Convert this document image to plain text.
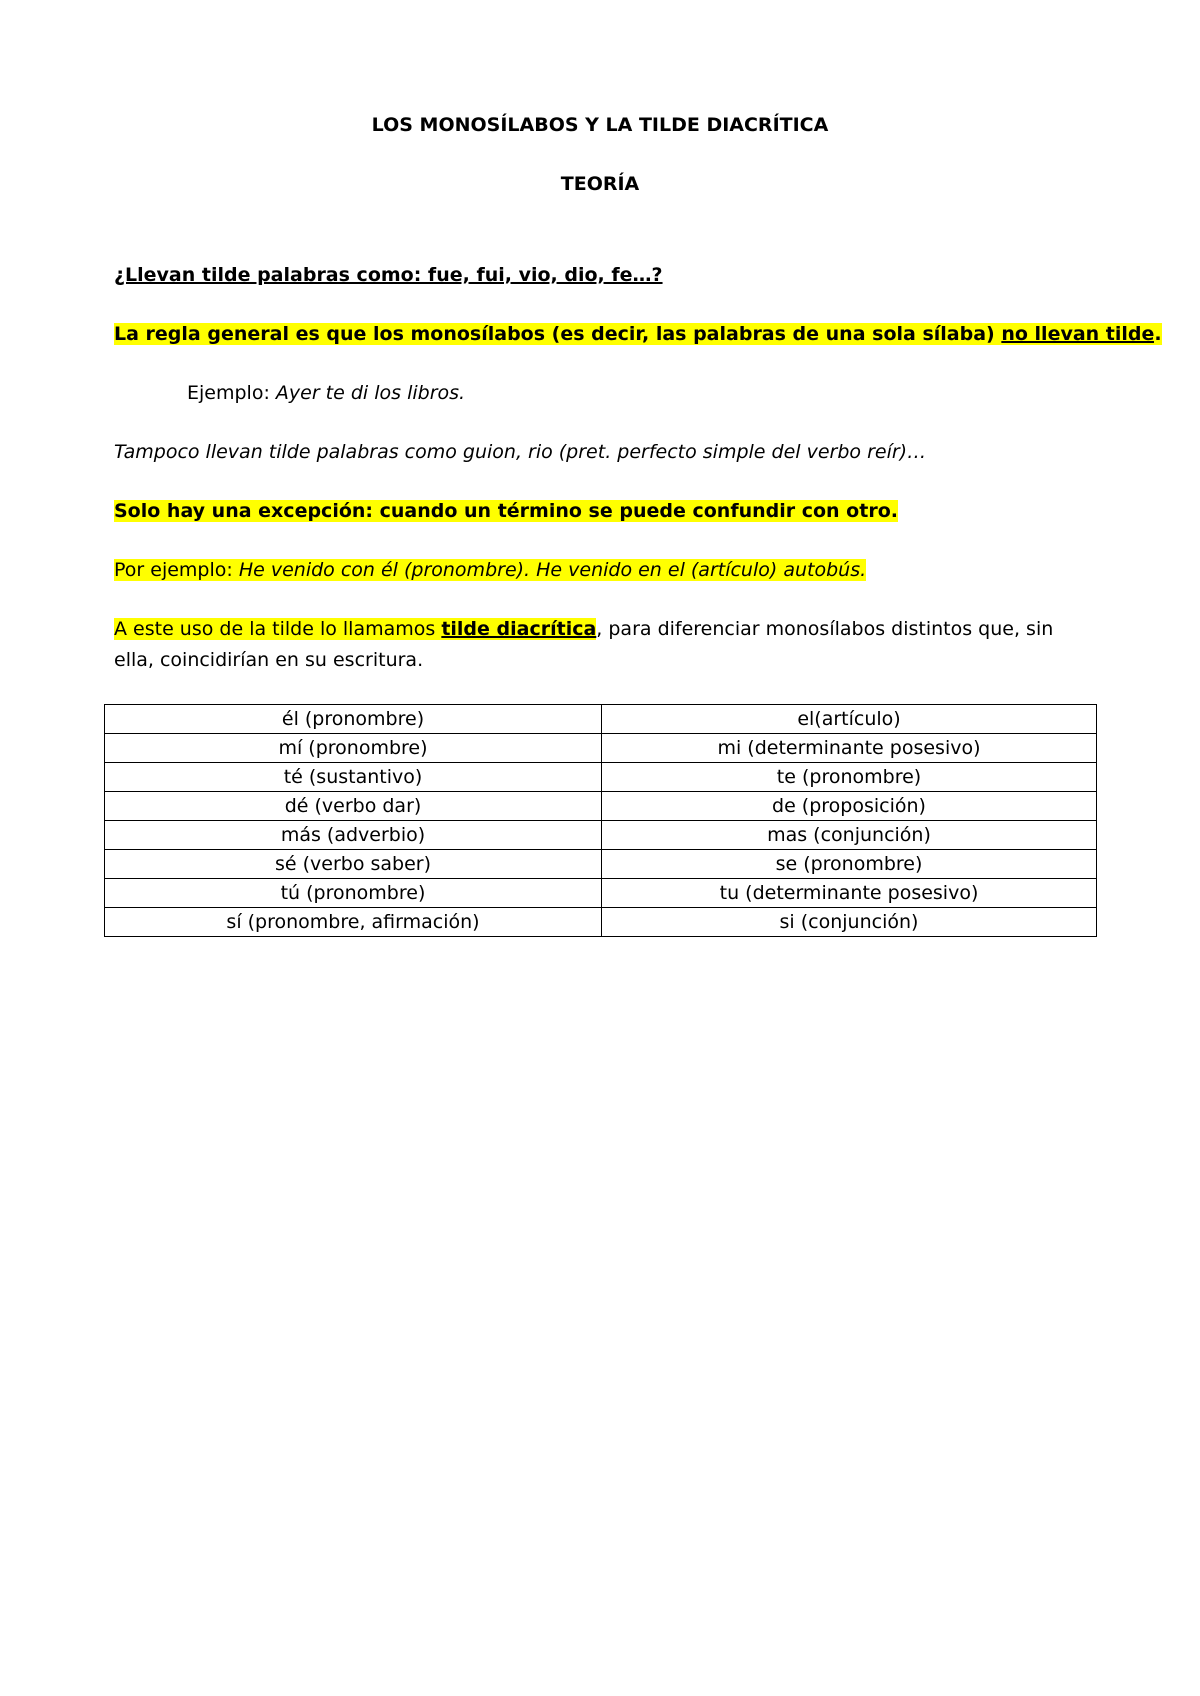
LOS MONOSÍLABOS Y LA TILDE DIACRÍTICA
TEORÍA
¿Llevan tilde palabras como: fue, fui, vio, dio, fe…?
La regla general es que los monosílabos (es decir, las palabras de una sola sílaba) no llevan tilde.
Ejemplo: Ayer te di los libros.
Tampoco llevan tilde palabras como guion, rio (pret. perfecto simple del verbo reír)…
Solo hay una excepción: cuando un término se puede confundir con otro.
Por ejemplo: He venido con él (pronombre). He venido en el (artículo) autobús.
A este uso de la tilde lo llamamos tilde diacrítica, para diferenciar monosílabos distintos que, sin
ella, coincidirían en su escritura.
él (pronombre)	el(artículo)
mí (pronombre)	mi (determinante posesivo)
té (sustantivo)	te (pronombre)
dé (verbo dar)	de (proposición)
más (adverbio)	mas (conjunción)
sé (verbo saber)	se (pronombre)
tú (pronombre)	tu (determinante posesivo)
sí (pronombre, afirmación)	si (conjunción)
